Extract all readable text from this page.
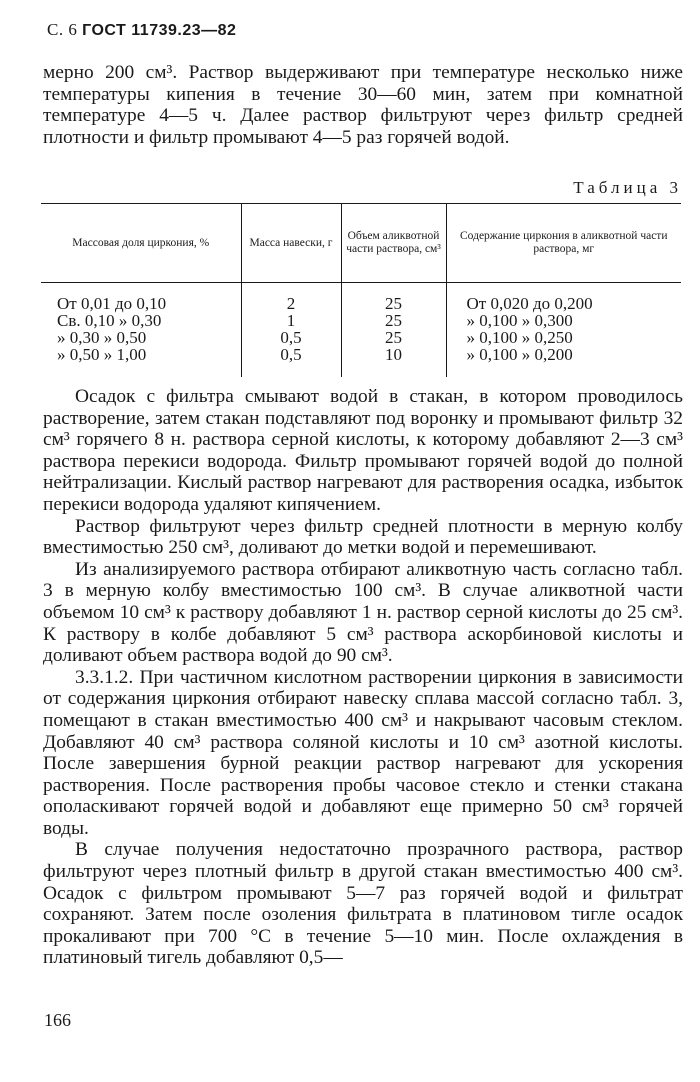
С. 6 ГОСТ 11739.23—82

мерно 200 см³. Раствор выдерживают при температуре несколько ниже температуры кипения в течение 30—60 мин, затем при комнатной температуре 4—5 ч. Далее раствор фильтруют через фильтр средней плотности и фильтр промывают 4—5 раз горячей водой.

Таблица 3
Массовая доля циркония, %	Масса навески, г	Объем аликвотной части раствора, см³	Содержание циркония в аликвотной части раствора, мг
От 0,01 до 0,10	2	25	От 0,020 до 0,200
Св. 0,10 » 0,30	1	25	» 0,100 » 0,300
» 0,30 » 0,50	0,5	25	» 0,100 » 0,250
» 0,50 » 1,00	0,5	10	» 0,100 » 0,200

Осадок с фильтра смывают водой в стакан, в котором проводилось растворение, затем стакан подставляют под воронку и промывают фильтр 32 см³ горячего 8 н. раствора серной кислоты, к которому добавляют 2—3 см³ раствора перекиси водорода. Фильтр промывают горячей водой до полной нейтрализации. Кислый раствор нагревают для растворения осадка, избыток перекиси водорода удаляют кипячением.

Раствор фильтруют через фильтр средней плотности в мерную колбу вместимостью 250 см³, доливают до метки водой и перемешивают.

Из анализируемого раствора отбирают аликвотную часть согласно табл. 3 в мерную колбу вместимостью 100 см³. В случае аликвотной части объемом 10 см³ к раствору добавляют 1 н. раствор серной кислоты до 25 см³. К раствору в колбе добавляют 5 см³ раствора аскорбиновой кислоты и доливают объем раствора водой до 90 см³.

3.3.1.2. При частичном кислотном растворении циркония в зависимости от содержания циркония отбирают навеску сплава массой согласно табл. 3, помещают в стакан вместимостью 400 см³ и накрывают часовым стеклом. Добавляют 40 см³ раствора соляной кислоты и 10 см³ азотной кислоты. После завершения бурной реакции раствор нагревают для ускорения растворения. После растворения пробы часовое стекло и стенки стакана ополаскивают горячей водой и добавляют еще примерно 50 см³ горячей воды.

В случае получения недостаточно прозрачного раствора, раствор фильтруют через плотный фильтр в другой стакан вместимостью 400 см³. Осадок с фильтром промывают 5—7 раз горячей водой и фильтрат сохраняют. Затем после озоления фильтрата в платиновом тигле осадок прокаливают при 700 °С в течение 5—10 мин. После охлаждения в платиновый тигель добавляют 0,5—

166
